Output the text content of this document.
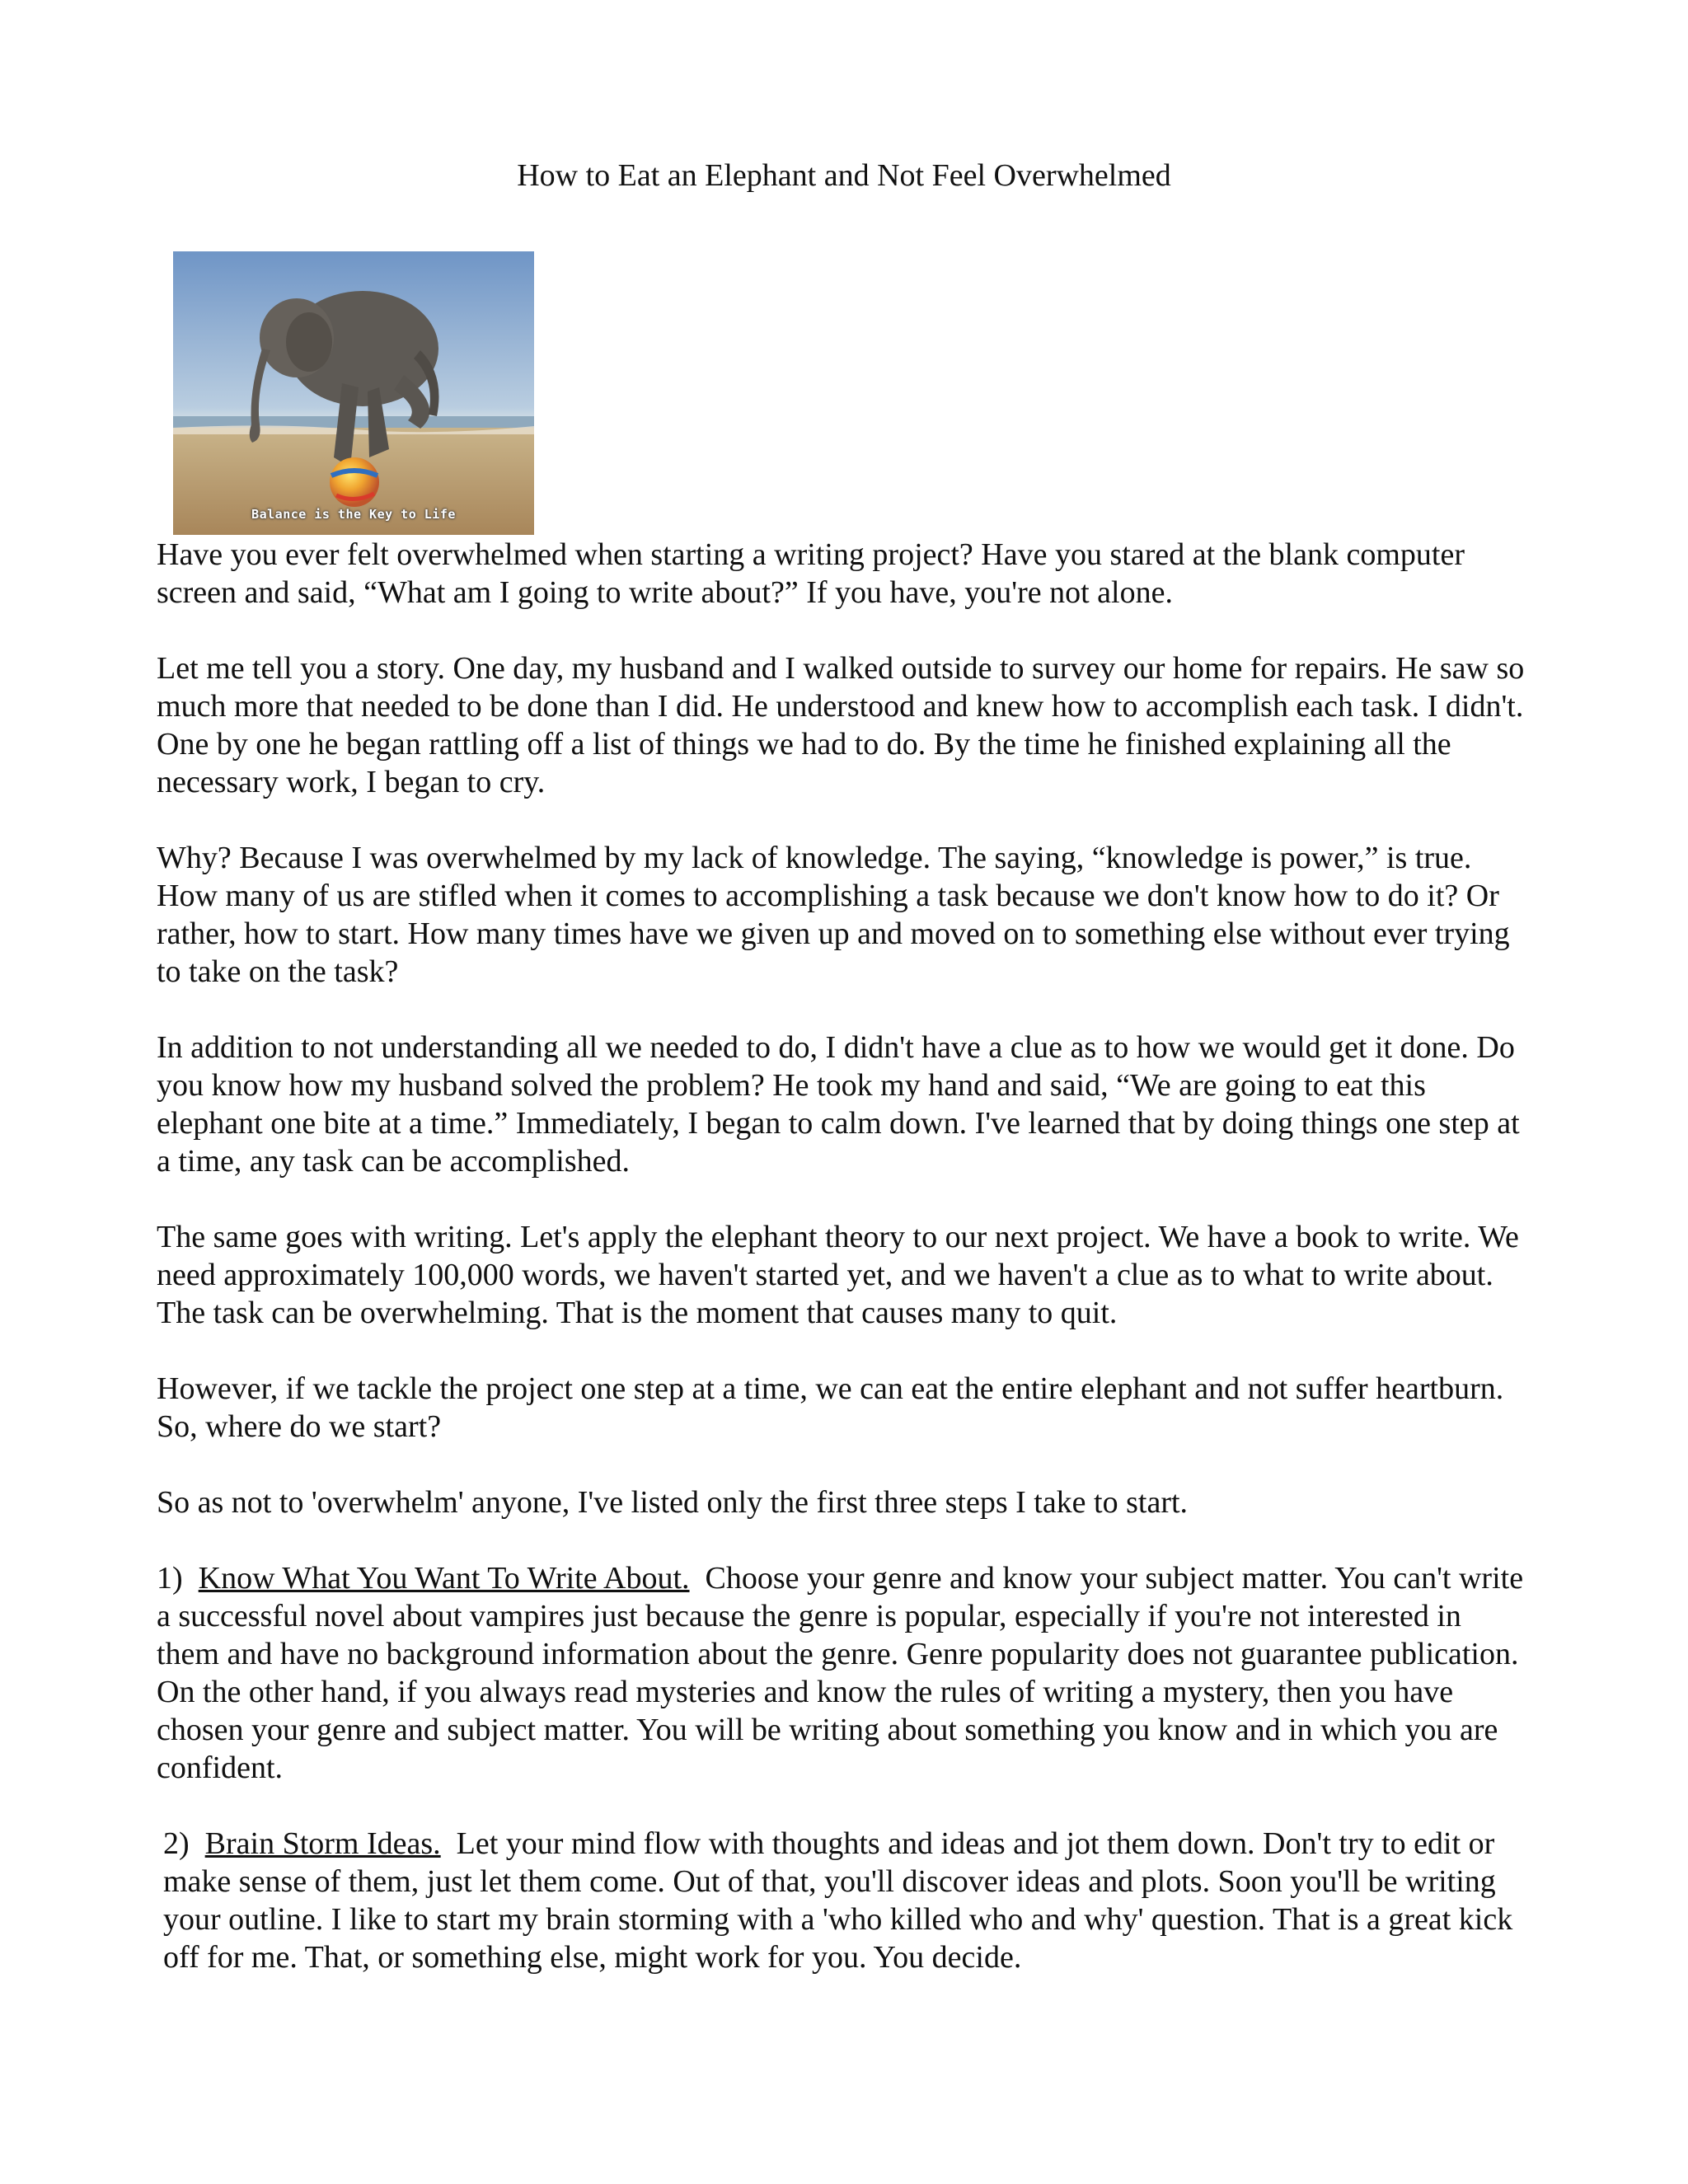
How to Eat an Elephant and Not Feel Overwhelmed
Balance is the Key to Life

Have you ever felt overwhelmed when starting a writing project? Have you stared at the blank computer screen and said, “What am I going to write about?” If you have, you're not alone.

Let me tell you a story. One day, my husband and I walked outside to survey our home for repairs. He saw so much more that needed to be done than I did. He understood and knew how to accomplish each task. I didn't. One by one he began rattling off a list of things we had to do. By the time he finished explaining all the necessary work, I began to cry.

Why? Because I was overwhelmed by my lack of knowledge. The saying, “knowledge is power,” is true. How many of us are stifled when it comes to accomplishing a task because we don't know how to do it? Or rather, how to start. How many times have we given up and moved on to something else without ever trying to take on the task?

In addition to not understanding all we needed to do, I didn't have a clue as to how we would get it done. Do you know how my husband solved the problem? He took my hand and said, “We are going to eat this elephant one bite at a time.” Immediately, I began to calm down. I've learned that by doing things one step at a time, any task can be accomplished.

The same goes with writing. Let's apply the elephant theory to our next project. We have a book to write. We need approximately 100,000 words, we haven't started yet, and we haven't a clue as to what to write about. The task can be overwhelming. That is the moment that causes many to quit.

However, if we tackle the project one step at a time, we can eat the entire elephant and not suffer heartburn. So, where do we start?

So as not to 'overwhelm' anyone, I've listed only the first three steps I take to start.

1) Know What You Want To Write About. Choose your genre and know your subject matter. You can't write a successful novel about vampires just because the genre is popular, especially if you're not interested in them and have no background information about the genre. Genre popularity does not guarantee publication. On the other hand, if you always read mysteries and know the rules of writing a mystery, then you have chosen your genre and subject matter. You will be writing about something you know and in which you are confident.

2) Brain Storm Ideas. Let your mind flow with thoughts and ideas and jot them down. Don't try to edit or make sense of them, just let them come. Out of that, you'll discover ideas and plots. Soon you'll be writing your outline. I like to start my brain storming with a 'who killed who and why' question. That is a great kick off for me. That, or something else, might work for you. You decide.
